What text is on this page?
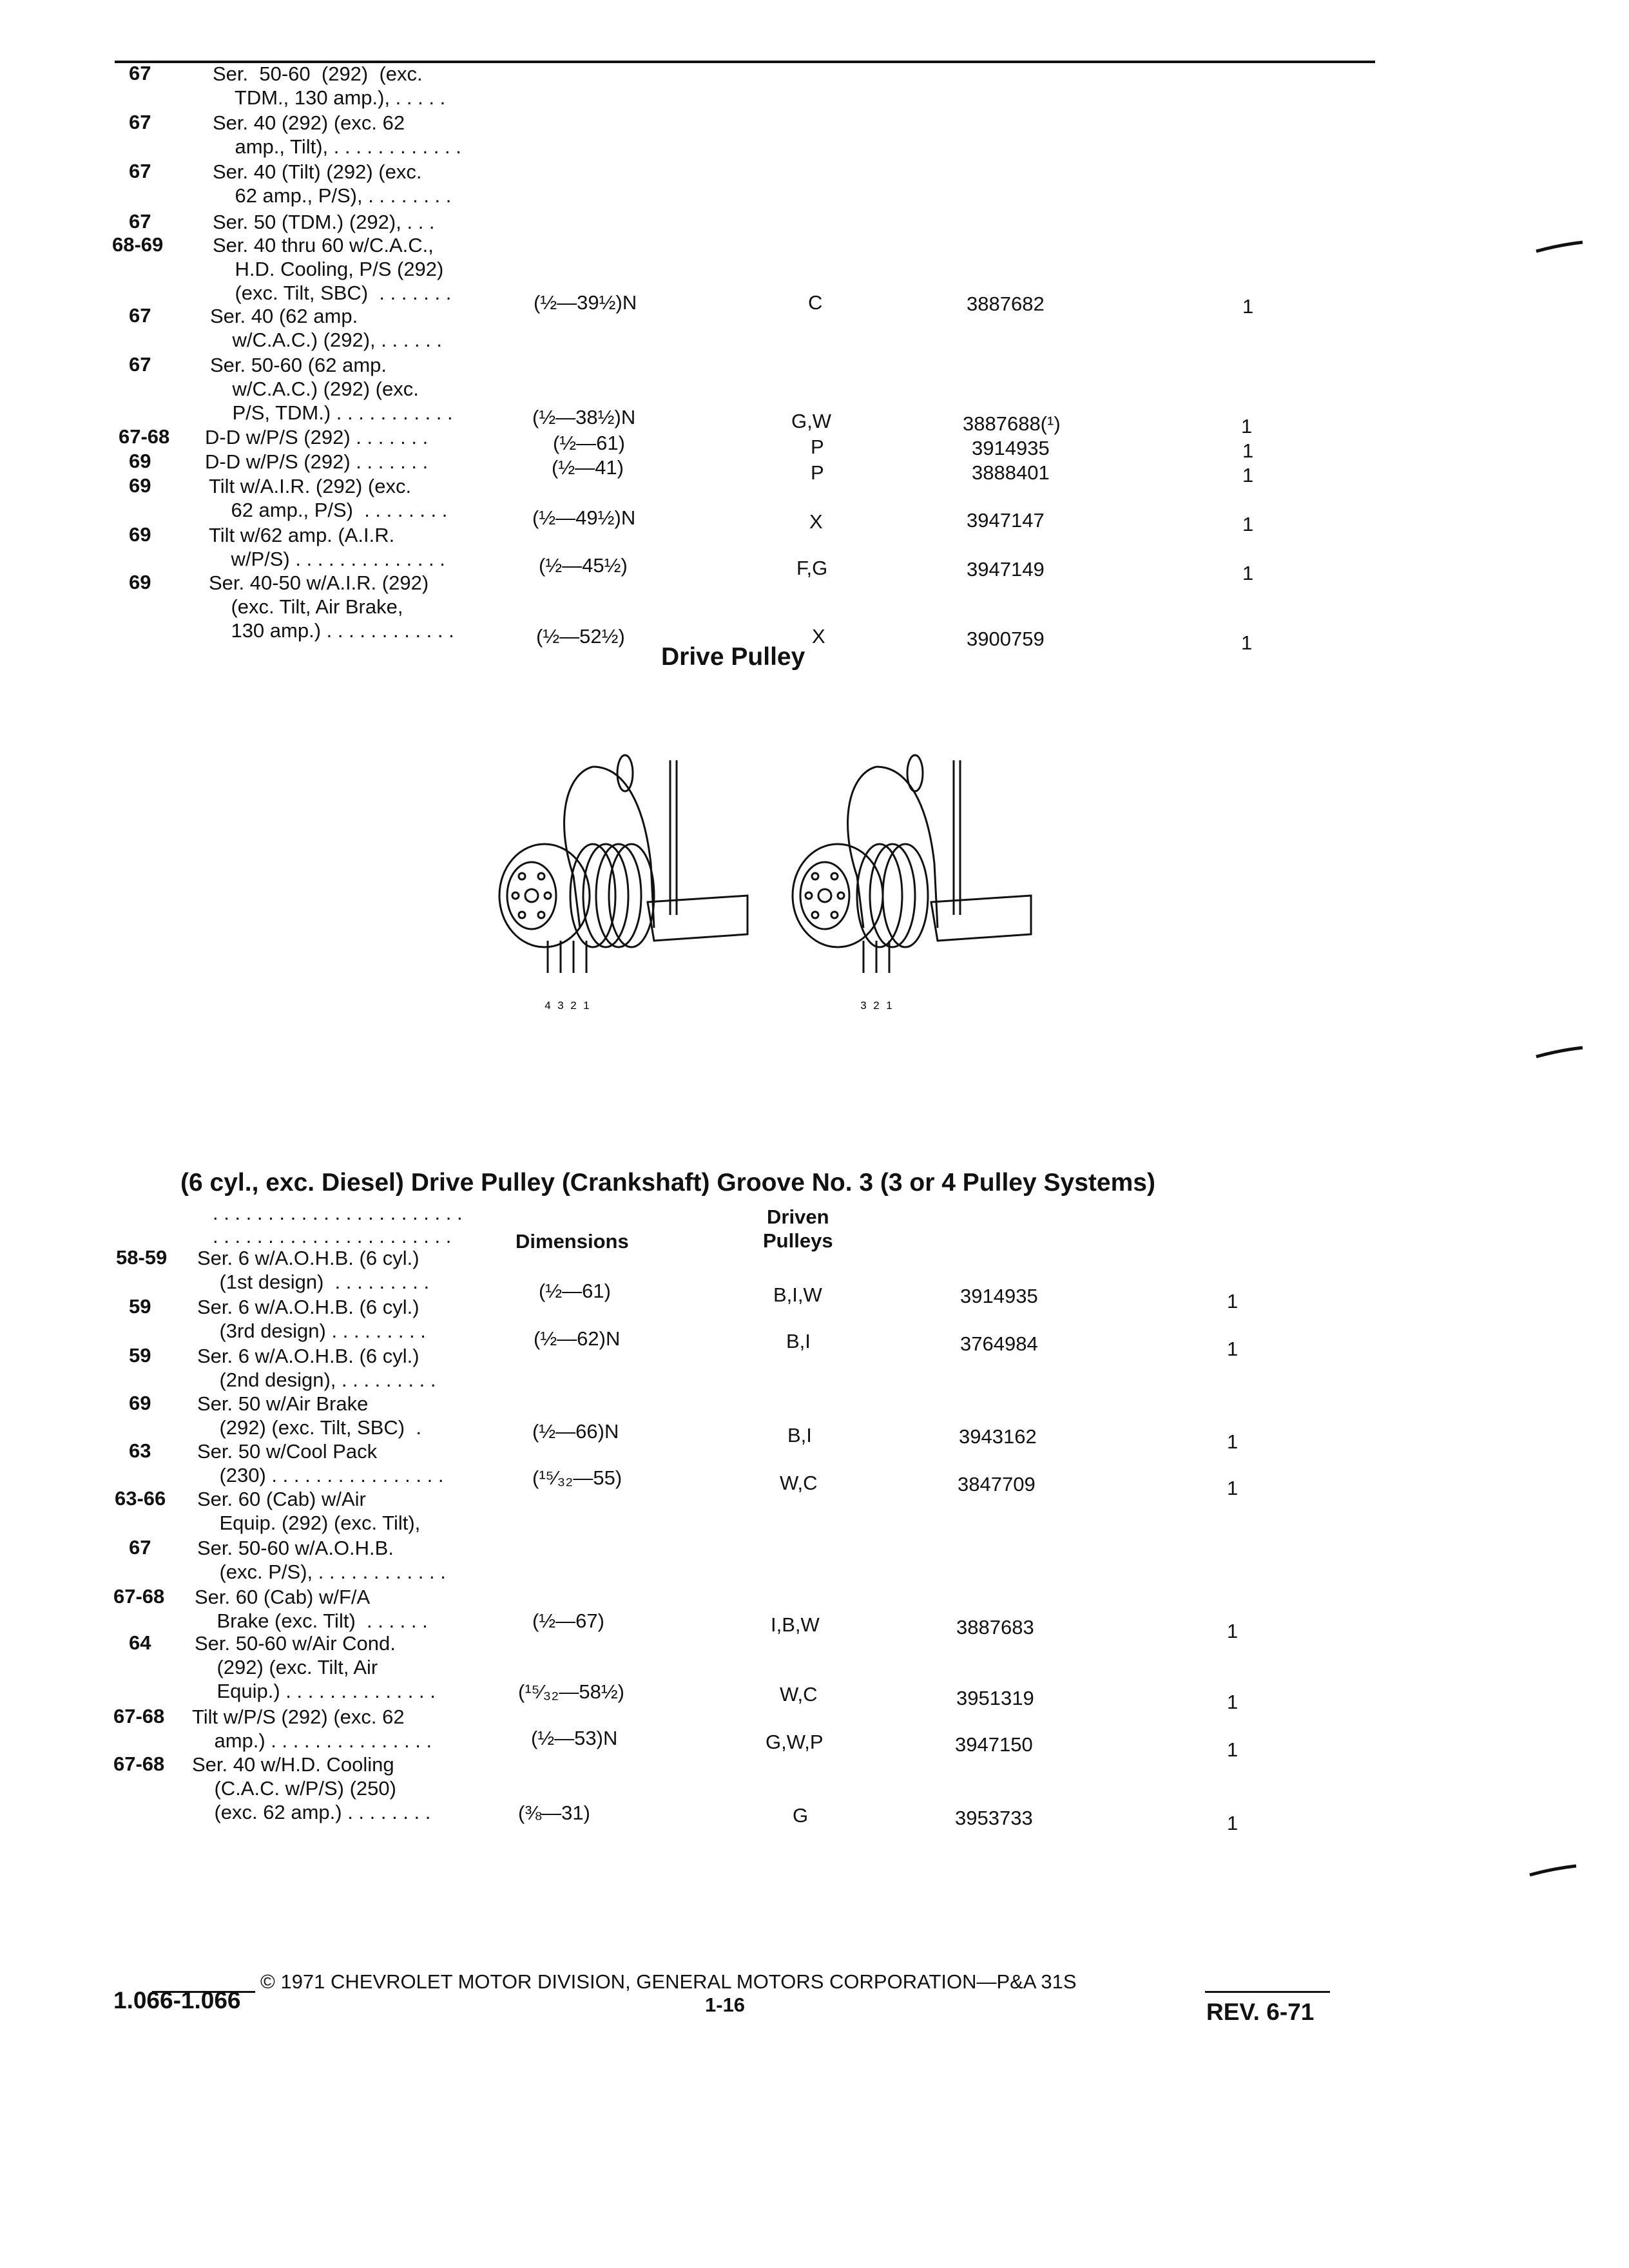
67	Ser.  50-60  (292)  (exc.
TDM., 130 amp.), . . . . .
67	Ser. 40 (292) (exc. 62
amp., Tilt), . . . . . . . . . . . .
67	Ser. 40 (Tilt) (292) (exc.
62 amp., P/S), . . . . . . . .
67	Ser. 50 (TDM.) (292), . . .
68-69 Ser. 40 thru 60 w/C.A.C.,
H.D. Cooling, P/S (292)
(exc. Tilt, SBC)  . . . . . . .	(½—39½)N	C	3887682	1
67	Ser. 40 (62 amp.
w/C.A.C.) (292), . . . . . .
67	Ser. 50-60 (62 amp.
w/C.A.C.) (292) (exc.
P/S, TDM.) . . . . . . . . . . .	(½—38½)N	G,W	3887688(¹)	1
67-68 D-D w/P/S (292) . . . . . . .	(½—61)	P	3914935	1
69	D-D w/P/S (292) . . . . . . .	(½—41)	P	3888401	1
69	Tilt w/A.I.R. (292) (exc.
62 amp., P/S)  . . . . . . . .	(½—49½)N	X	3947147	1
69	Tilt w/62 amp. (A.I.R.
w/P/S) . . . . . . . . . . . . . .	(½—45½)	F,G	3947149	1
69	Ser. 40-50 w/A.I.R. (292)
(exc. Tilt, Air Brake,
130 amp.) . . . . . . . . . . . .	(½—52½)	X	3900759	1
Drive Pulley
4 3 2 1	3 2 1
(6 cyl., exc. Diesel) Drive Pulley (Crankshaft) Groove No. 3 (3 or 4 Pulley Systems)
. . . . . . . . . . . . . . . . . . . . . . .
. . . . . . . . . . . . . . . . . . . . . .	Dimensions
Driven
Pulleys
58-59 Ser. 6 w/A.O.H.B. (6 cyl.)
(1st design)  . . . . . . . . .	(½—61)	B,I,W	3914935	1
59 Ser. 6 w/A.O.H.B. (6 cyl.)
(3rd design) . . . . . . . . .	(½—62)N	B,I	3764984	1
59 Ser. 6 w/A.O.H.B. (6 cyl.)
(2nd design), . . . . . . . . .
69 Ser. 50 w/Air Brake
(292) (exc. Tilt, SBC)  .	(½—66)N	B,I	3943162	1
63 Ser. 50 w/Cool Pack
(230) . . . . . . . . . . . . . . . .	(¹⁵⁄₃₂—55)	W,C	3847709	1
63-66 Ser. 60 (Cab) w/Air
Equip. (292) (exc. Tilt),
67 Ser. 50-60 w/A.O.H.B.
(exc. P/S), . . . . . . . . . . . .
67-68 Ser. 60 (Cab) w/F/A
Brake (exc. Tilt)  . . . . . .	(½—67)	I,B,W	3887683	1
64 Ser. 50-60 w/Air Cond.
(292) (exc. Tilt, Air
Equip.) . . . . . . . . . . . . . .	(¹⁵⁄₃₂—58½)	W,C	3951319	1
67-68 Tilt w/P/S (292) (exc. 62
amp.) . . . . . . . . . . . . . . .	(½—53)N	G,W,P	3947150	1
67-68 Ser. 40 w/H.D. Cooling
(C.A.C. w/P/S) (250)
(exc. 62 amp.) . . . . . . . .	(⅜—31)	G	3953733	1
© 1971 CHEVROLET MOTOR DIVISION, GENERAL MOTORS CORPORATION—P&A 31S
1.066-1.066	1-16	REV. 6-71
